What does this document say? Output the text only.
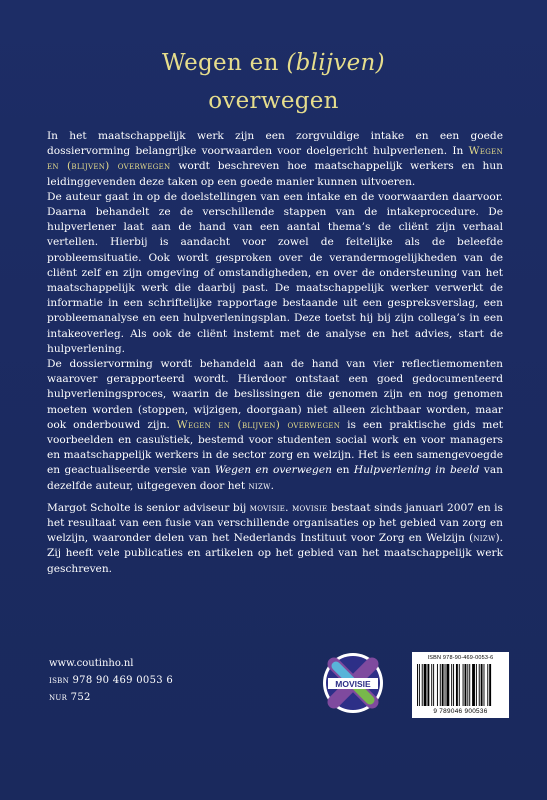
Wegen en (blijven)
overwegen

In het maatschappelijk werk zijn een zorgvuldige intake en een goede dossiervorming belangrijke voorwaarden voor doelgericht hulpverlenen. In Wegen en (blijven) overwegen wordt beschreven hoe maatschappelijk werkers en hun leidinggevenden deze taken op een goede manier kunnen uitvoeren.

De auteur gaat in op de doelstellingen van een intake en de voorwaarden daarvoor. Daarna behandelt ze de verschillende stappen van de intakeprocedure. De hulpverlener laat aan de hand van een aantal thema’s de cliënt zijn verhaal vertellen. Hierbij is aandacht voor zowel de feitelijke als de beleefde probleemsituatie. Ook wordt gesproken over de verandermogelijkheden van de cliënt zelf en zijn omgeving of omstandigheden, en over de ondersteuning van het maatschappelijk werk die daarbij past. De maatschappelijk werker verwerkt de informatie in een schriftelijke rapportage bestaande uit een gespreksverslag, een probleemanalyse en een hulpverleningsplan. Deze toetst hij bij zijn collega’s in een intakeoverleg. Als ook de cliënt instemt met de analyse en het advies, start de hulpverlening.

De dossiervorming wordt behandeld aan de hand van vier reflectiemomenten waarover gerapporteerd wordt. Hierdoor ontstaat een goed gedocumenteerd hulpverleningsproces, waarin de beslissingen die genomen zijn en nog genomen moeten worden (stoppen, wijzigen, doorgaan) niet alleen zichtbaar worden, maar ook onderbouwd zijn. Wegen en (blijven) overwegen is een praktische gids met voorbeelden en casuïstiek, bestemd voor studenten social work en voor managers en maatschappelijk werkers in de sector zorg en welzijn. Het is een samengevoegde en geactualiseerde versie van Wegen en overwegen en Hulpverlening in beeld van dezelfde auteur, uitgegeven door het nizw.

Margot Scholte is senior adviseur bij movisie. movisie bestaat sinds januari 2007 en is het resultaat van een fusie van verschillende organisaties op het gebied van zorg en welzijn, waaronder delen van het Nederlands Instituut voor Zorg en Welzijn (nizw). Zij heeft vele publicaties en artikelen op het gebied van het maatschappelijk werk geschreven.

www.coutinho.nl
isbn 978 90 469 0053 6
nur 752
MOVISIE
ISBN 978-90-469-0053-6
9 789046 900536
